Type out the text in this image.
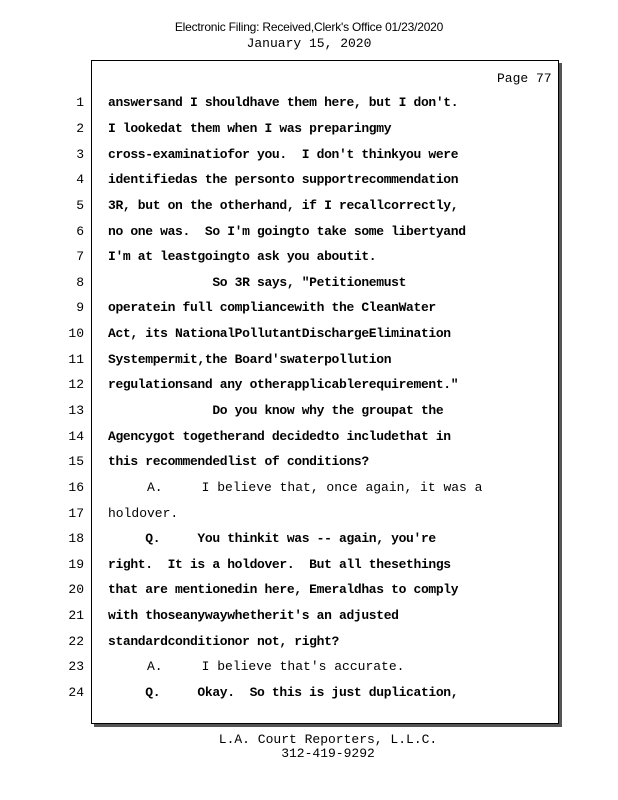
Electronic Filing: Received,Clerk's Office 01/23/2020
January 15, 2020
Page 77
1 answersand I shouldhave them here, but I don't.
2 I lookedat them when I was preparingmy
3 cross-examinatiofor you.  I don't thinkyou were
4 identifiedas the personto supportrecommendation
5 3R, but on the otherhand, if I recallcorrectly,
6 no one was.  So I'm goingto take some libertyand
7 I'm at leastgoingto ask you aboutit.
8 So 3R says, "Petitionemust
9 operatein full compliancewith the CleanWater
10 Act, its NationalPollutantDischargeElimination
11 Systempermit,the Board'swaterpollution
12 regulationsand any otherapplicablerequirement."
13 Do you know why the groupat the
14 Agencygot togetherand decidedto includethat in
15 this recommendedlist of conditions?
16 A.     I believe that, once again, it was a
17 holdover.
18 Q.     You thinkit was -- again, you're
19 right.  It is a holdover.  But all thesethings
20 that are mentionedin here, Emeraldhas to comply
21 with thoseanywaywhetherit's an adjusted
22 standardconditionor not, right?
23 A.     I believe that's accurate.
24 Q.     Okay.  So this is just duplication,
L.A. Court Reporters, L.L.C.
312-419-9292
